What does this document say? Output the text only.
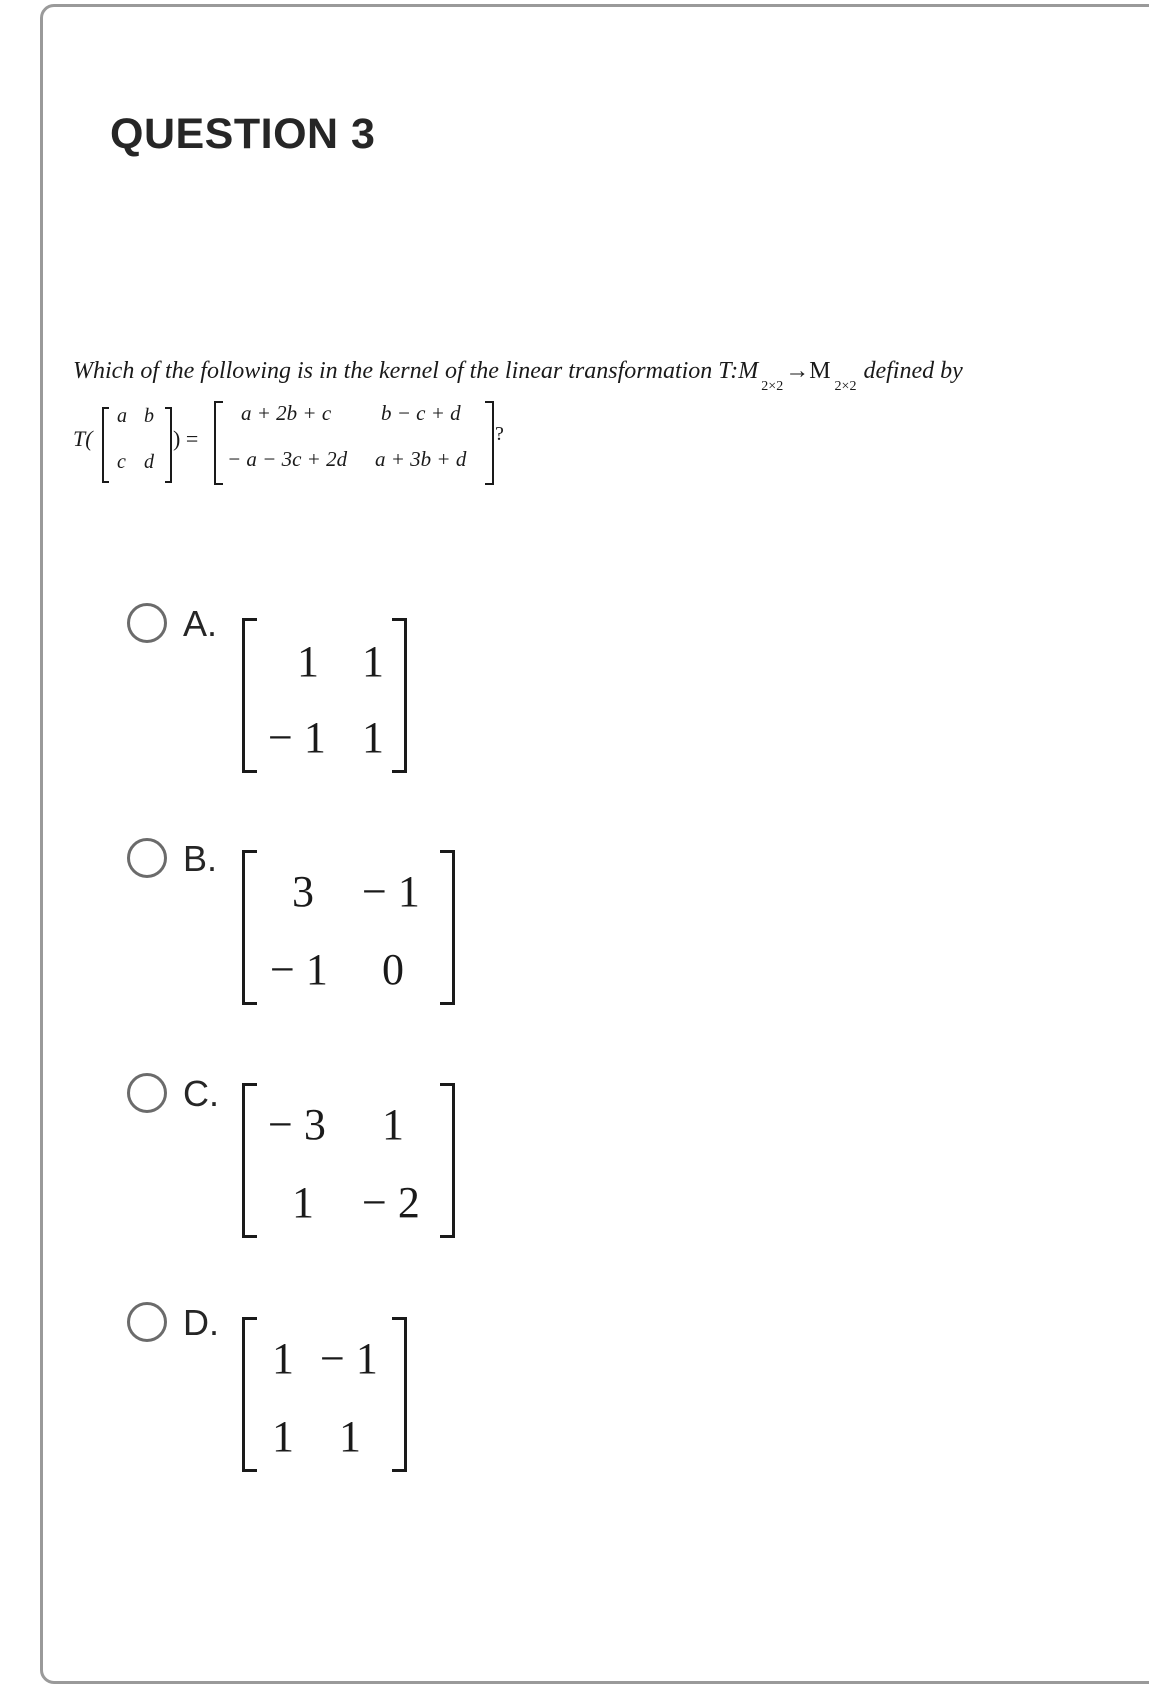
QUESTION 3
Which of the following is in the kernel of the linear transformation $T:M_{2\times 2}\to M_{2\times 2}$ defined by
T(
a b
c d
) =
a + 2b + c b − c + d
− a − 3c + 2d a + 3b + d
?
A.
1 1
− 1 1
B.
3 − 1
− 1 0
C.
− 3 1
1 − 2
D.
1 − 1
1 1
